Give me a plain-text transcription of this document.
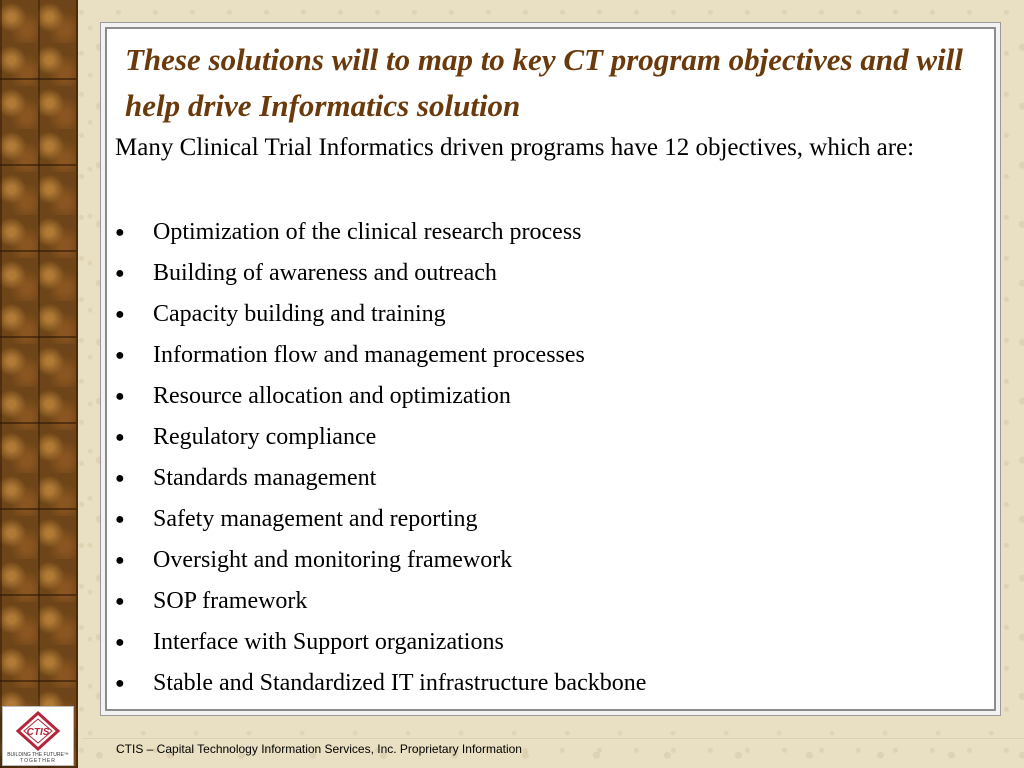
These solutions will to map to key CT program objectives and will help drive Informatics solution

Many Clinical Trial Informatics driven programs have 12 objectives, which are:

● Optimization of the clinical research process
● Building of awareness and outreach
● Capacity building and training
● Information flow and management processes
● Resource allocation and optimization
● Regulatory compliance
● Standards management
● Safety management and reporting
● Oversight and monitoring framework
● SOP framework
● Interface with Support organizations
● Stable and Standardized IT infrastructure backbone
CTIS
BUILDING THE FUTURE™
TOGETHER
CTIS – Capital Technology Information Services, Inc. Proprietary Information
